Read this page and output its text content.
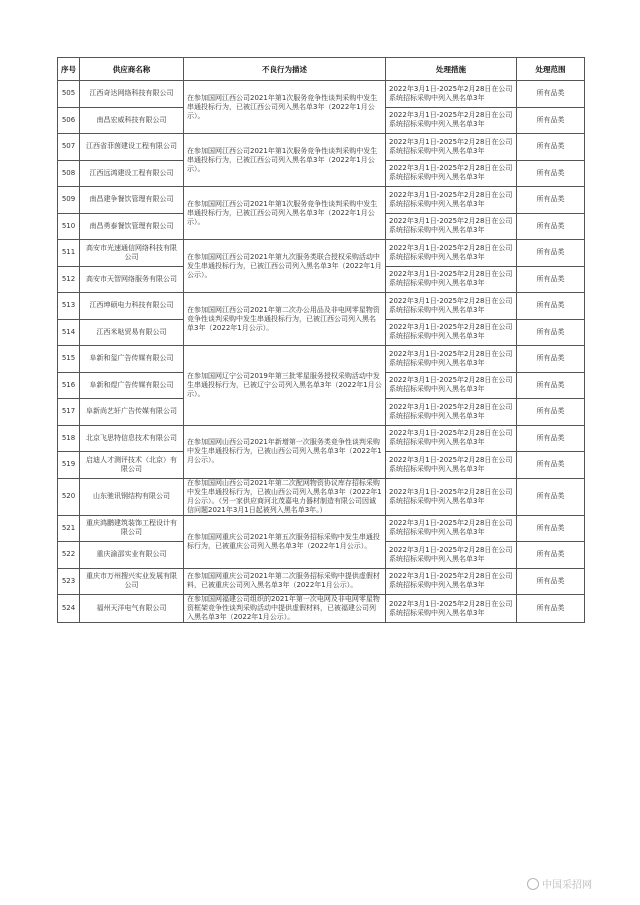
序号	供应商名称	不良行为描述	处理措施	处理范围
505	江西奇达网络科技有限公司	在参加国网江西公司2021年第1次服务竞争性谈判采购中发生串通投标行为，已被江西公司列入黑名单3年（2022年1月公示）。	2022年3月1日-2025年2月28日在公司系统招标采购中列入黑名单3年	所有品类
506	南昌宏威科技有限公司		2022年3月1日-2025年2月28日在公司系统招标采购中列入黑名单3年	所有品类
507	江西省菲茵建设工程有限公司	在参加国网江西公司2021年第1次服务竞争性谈判采购中发生串通投标行为，已被江西公司列入黑名单3年（2022年1月公示）。	2022年3月1日-2025年2月28日在公司系统招标采购中列入黑名单3年	所有品类
508	江西远鸿建设工程有限公司		2022年3月1日-2025年2月28日在公司系统招标采购中列入黑名单3年	所有品类
509	南昌建争餐饮管理有限公司	在参加国网江西公司2021年第1次服务竞争性谈判采购中发生串通投标行为，已被江西公司列入黑名单3年（2022年1月公示）。	2022年3月1日-2025年2月28日在公司系统招标采购中列入黑名单3年	所有品类
510	南昌勇泰餐饮管理有限公司		2022年3月1日-2025年2月28日在公司系统招标采购中列入黑名单3年	所有品类
511	高安市光速通信网络科技有限公司	在参加国网江西公司2021年第九次服务类联合授权采购活动中发生串通投标行为，已被江西公司列入黑名单3年（2022年1月公示）。	2022年3月1日-2025年2月28日在公司系统招标采购中列入黑名单3年	所有品类
512	高安市天智网络服务有限公司		2022年3月1日-2025年2月28日在公司系统招标采购中列入黑名单3年	所有品类
513	江西坤硕电力科技有限公司	在参加国网江西公司2021年第二次办公用品及非电网零星物资竞争性谈判采购中发生串通投标行为，已被江西公司列入黑名单3年（2022年1月公示）。	2022年3月1日-2025年2月28日在公司系统招标采购中列入黑名单3年	所有品类
514	江西米哒贸易有限公司		2022年3月1日-2025年2月28日在公司系统招标采购中列入黑名单3年	所有品类
515	阜新和玺广告传媒有限公司	在参加国网辽宁公司2019年第三批零星服务授权采购活动中发生串通投标行为，已被辽宁公司列入黑名单3年（2022年1月公示）。	2022年3月1日-2025年2月28日在公司系统招标采购中列入黑名单3年	所有品类
516	阜新和煜广告传媒有限公司		2022年3月1日-2025年2月28日在公司系统招标采购中列入黑名单3年	所有品类
517	阜新尚艺轩广告传媒有限公司		2022年3月1日-2025年2月28日在公司系统招标采购中列入黑名单3年	所有品类
518	北京飞思特信息技术有限公司	在参加国网山西公司2021年新增第一次服务类竞争性谈判采购中发生串通投标行为，已被山西公司列入黑名单3年（2022年1月公示）。	2022年3月1日-2025年2月28日在公司系统招标采购中列入黑名单3年	所有品类
519	启迪人才测评技术（北京）有限公司		2022年3月1日-2025年2月28日在公司系统招标采购中列入黑名单3年	所有品类
520	山东驰讯钢结构有限公司	在参加国网山西公司2021年第二次配网物资协议库存招标采购中发生串通投标行为，已被山西公司列入黑名单3年（2022年1月公示）。（另一家供应商河北茂嘉电力器材制造有限公司因诚信问题2021年3月1日起被列入黑名单3年。）	2022年3月1日-2025年2月28日在公司系统招标采购中列入黑名单3年	所有品类
521	重庆鸿鹏建筑装饰工程设计有限公司	在参加国网重庆公司2021年第五次服务招标采购中发生串通投标行为，已被重庆公司列入黑名单3年（2022年1月公示）。	2022年3月1日-2025年2月28日在公司系统招标采购中列入黑名单3年	所有品类
522	重庆渝邵实业有限公司		2022年3月1日-2025年2月28日在公司系统招标采购中列入黑名单3年	所有品类
523	重庆市万州搜兴实业发展有限公司	在参加国网重庆公司2021年第二次服务招标采购中提供虚假材料，已被重庆公司列入黑名单3年（2022年1月公示）。	2022年3月1日-2025年2月28日在公司系统招标采购中列入黑名单3年	所有品类
524	福州天洋电气有限公司	在参加国网福建公司组织的2021年第一次电网及非电网零星物资框架竞争性谈判采购活动中提供虚假材料，已被福建公司列入黑名单3年（2022年1月公示）。	2022年3月1日-2025年2月28日在公司系统招标采购中列入黑名单3年	所有品类
中国采招网
